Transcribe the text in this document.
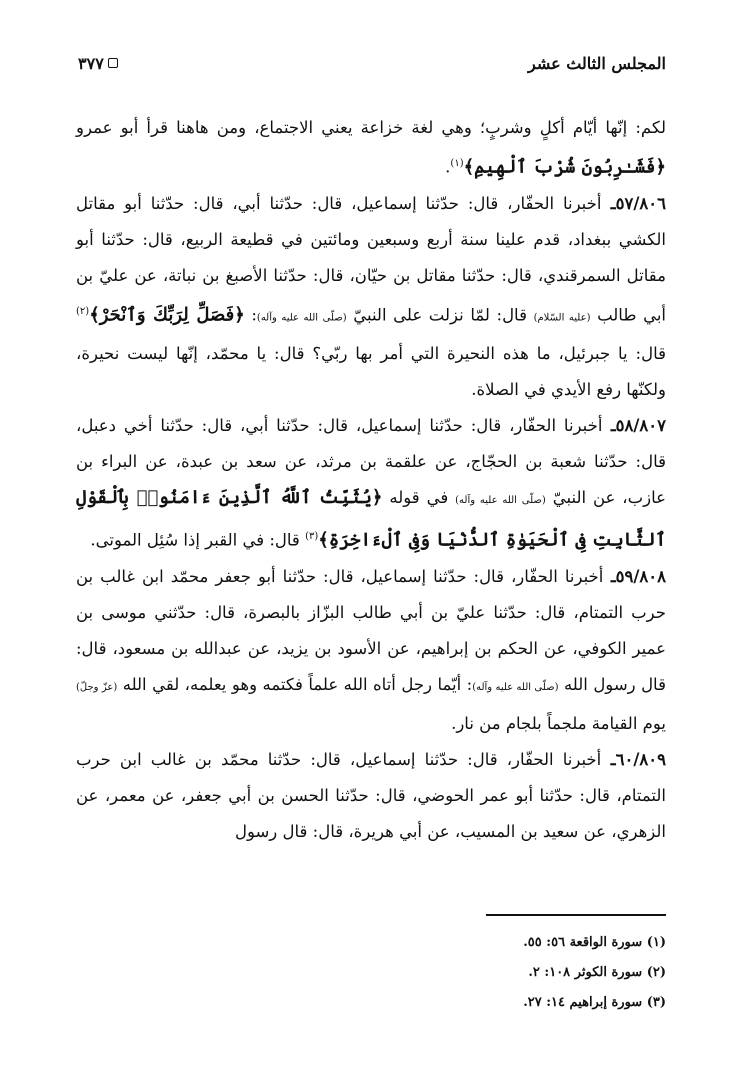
المجلس الثالث عشر
٣٧٧

لكم: إنّها أيّام أكلٍ وشربٍ؛ وهي لغة خزاعة يعني الاجتماع، ومن هاهنا قرأ أبو عمرو ﴿فَشَـٰرِبُونَ شُرْبَ ٱلْهِيمِ﴾$^{(١)}$.

٥٧/٨٠٦ـ أخبرنا الحفّار، قال: حدّثنا إسماعيل، قال: حدّثنا أبي، قال: حدّثنا أبو مقاتل الكشي ببغداد، قدم علينا سنة أربع وسبعين ومائتين في قطيعة الربيع، قال: حدّثنا أبو مقاتل السمرقندي، قال: حدّثنا مقاتل بن حيّان، قال: حدّثنا الأصبغ بن نباتة، عن عليّ بن أبي طالب (عليه السّلام) قال: لمّا نزلت على النبيّ (صلّى الله عليه وآله): ﴿فَصَلِّ لِرَبِّكَ وَٱنْحَرْ﴾$^{(٢)}$ قال: يا جبرئيل، ما هذه النحيرة التي أمر بها ربّي؟ قال: يا محمّد، إنّها ليست نحيرة، ولكنّها رفع الأيدي في الصلاة.

٥٨/٨٠٧ـ أخبرنا الحفّار، قال: حدّثنا إسماعيل، قال: حدّثنا أبي، قال: حدّثنا أخي دعبل، قال: حدّثنا شعبة بن الحجّاج، عن علقمة بن مرثد، عن سعد بن عبدة، عن البراء بن عازب، عن النبيّ (صلّى الله عليه وآله) في قوله ﴿يُثَبِّتُ ٱللَّهُ ٱلَّذِينَ ءَامَنُوا۟ بِٱلْقَوْلِ ٱلثَّابِتِ فِى ٱلْحَيَوٰةِ ٱلدُّنْيَا وَفِى ٱلْءَاخِرَةِ﴾$^{(٣)}$ قال: في القبر إذا سُئِل الموتى.

٥٩/٨٠٨ـ أخبرنا الحفّار، قال: حدّثنا إسماعيل، قال: حدّثنا أبو جعفر محمّد ابن غالب بن حرب التمتام، قال: حدّثنا عليّ بن أبي طالب البزّاز بالبصرة، قال: حدّثني موسى بن عمير الكوفي، عن الحكم بن إبراهيم، عن الأسود بن يزيد، عن عبدالله بن مسعود، قال: قال رسول الله (صلّى الله عليه وآله): أيّما رجل أتاه الله علماً فكتمه وهو يعلمه، لقي الله (عزّ وجلّ) يوم القيامة ملجماً بلجام من نار.

٦٠/٨٠٩ـ أخبرنا الحفّار، قال: حدّثنا إسماعيل، قال: حدّثنا محمّد بن غالب ابن حرب التمتام، قال: حدّثنا أبو عمر الحوضي، قال: حدّثنا الحسن بن أبي جعفر، عن معمر، عن الزهري، عن سعيد بن المسيب، عن أبي هريرة، قال: قال رسول

(١) سورة الواقعة ٥٦: ٥٥.
(٢) سورة الكوثر ١٠٨: ٢.
(٣) سورة إبراهيم ١٤: ٢٧.
